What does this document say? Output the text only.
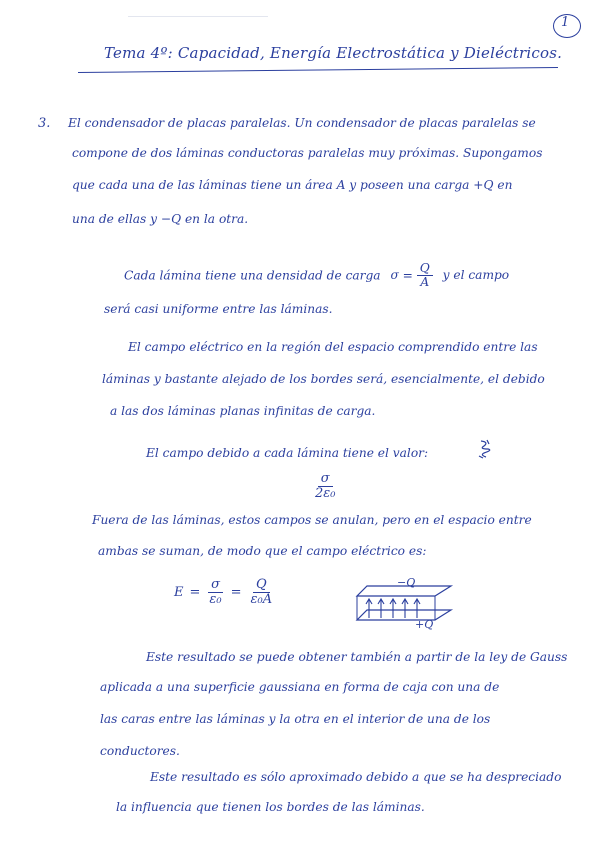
1
Tema 4º: Capacidad, Energía Electrostática y Dieléctricos.
3. El condensador de placas paralelas. Un condensador de placas paralelas se
compone de dos láminas conductoras paralelas muy próximas. Supongamos
que cada una de las láminas tiene un área A y poseen una carga +Q en
una de ellas y −Q en la otra.
Cada lámina tiene una densidad de carga $\sigma = \frac{Q}{A}$ y el campo
será casi uniforme entre las láminas.
El campo eléctrico en la región del espacio comprendido entre las
láminas y bastante alejado de los bordes será, esencialmente, el debido
a las dos láminas planas infinitas de carga.
El campo debido a cada lámina tiene el valor:
$\frac{\sigma}{\text{2ε₀}}$
Fuera de las láminas, estos campos se anulan, pero en el espacio entre
ambas se suman, de modo que el campo eléctrico es:
$E = \frac{\sigma}{\text{ε₀}} = \frac{Q}{\text{ε₀A}}$	−Q
+Q
Este resultado se puede obtener también a partir de la ley de Gauss
aplicada a una superficie gaussiana en forma de caja con una de
las caras entre las láminas y la otra en el interior de una de los
conductores.
Este resultado es sólo aproximado debido a que se ha despreciado
la influencia que tienen los bordes de las láminas.
